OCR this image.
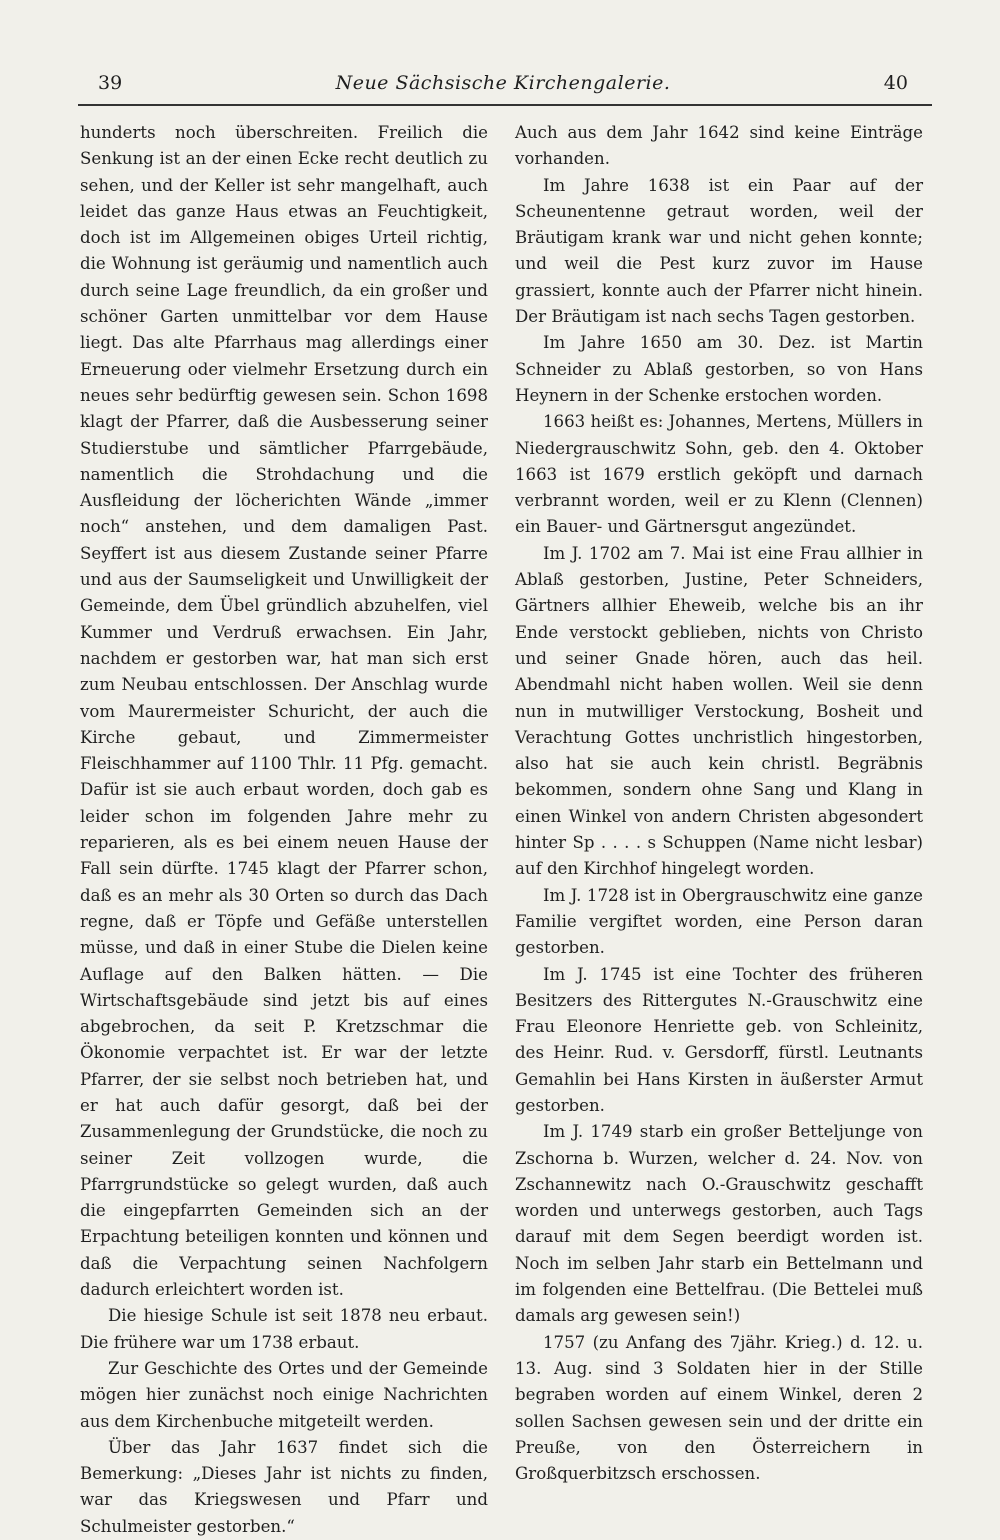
39	Neue Sächsische Kirchengalerie.	40

hunderts noch überschreiten. Freilich die Senkung ist an der einen Ecke recht deutlich zu sehen, und der Keller ist sehr mangelhaft, auch leidet das ganze Haus etwas an Feuchtigkeit, doch ist im Allgemeinen obiges Urteil richtig, die Wohnung ist geräumig und namentlich auch durch seine Lage freundlich, da ein großer und schöner Garten unmittelbar vor dem Hause liegt. Das alte Pfarrhaus mag allerdings einer Erneuerung oder vielmehr Ersetzung durch ein neues sehr bedürftig gewesen sein. Schon 1698 klagt der Pfarrer, daß die Ausbesserung seiner Studierstube und sämtlicher Pfarrgebäude, namentlich die Strohdachung und die Ausfleidung der löcherichten Wände „immer noch“ anstehen, und dem damaligen Past. Seyffert ist aus diesem Zustande seiner Pfarre und aus der Saumseligkeit und Unwilligkeit der Gemeinde, dem Übel gründlich abzuhelfen, viel Kummer und Verdruß erwachsen. Ein Jahr, nachdem er gestorben war, hat man sich erst zum Neubau entschlossen. Der Anschlag wurde vom Maurermeister Schuricht, der auch die Kirche gebaut, und Zimmermeister Fleischhammer auf 1100 Thlr. 11 Pfg. gemacht. Dafür ist sie auch erbaut worden, doch gab es leider schon im folgenden Jahre mehr zu reparieren, als es bei einem neuen Hause der Fall sein dürfte. 1745 klagt der Pfarrer schon, daß es an mehr als 30 Orten so durch das Dach regne, daß er Töpfe und Gefäße unterstellen müsse, und daß in einer Stube die Dielen keine Auflage auf den Balken hätten. — Die Wirtschaftsgebäude sind jetzt bis auf eines abgebrochen, da seit P. Kretzschmar die Ökonomie verpachtet ist. Er war der letzte Pfarrer, der sie selbst noch betrieben hat, und er hat auch dafür gesorgt, daß bei der Zusammenlegung der Grundstücke, die noch zu seiner Zeit vollzogen wurde, die Pfarrgrundstücke so gelegt wurden, daß auch die eingepfarrten Gemeinden sich an der Erpachtung beteiligen konnten und können und daß die Verpachtung seinen Nachfolgern dadurch erleichtert worden ist.

Die hiesige Schule ist seit 1878 neu erbaut. Die frühere war um 1738 erbaut.

Zur Geschichte des Ortes und der Gemeinde mögen hier zunächst noch einige Nachrichten aus dem Kirchenbuche mitgeteilt werden.

Über das Jahr 1637 findet sich die Bemerkung: „Dieses Jahr ist nichts zu finden, war das Kriegswesen und Pfarr und Schulmeister gestorben.“

Auch aus dem Jahr 1642 sind keine Einträge vorhanden.

Im Jahre 1638 ist ein Paar auf der Scheunentenne getraut worden, weil der Bräutigam krank war und nicht gehen konnte; und weil die Pest kurz zuvor im Hause grassiert, konnte auch der Pfarrer nicht hinein. Der Bräutigam ist nach sechs Tagen gestorben.

Im Jahre 1650 am 30. Dez. ist Martin Schneider zu Ablaß gestorben, so von Hans Heynern in der Schenke erstochen worden.

1663 heißt es: Johannes, Mertens, Müllers in Niedergrauschwitz Sohn, geb. den 4. Oktober 1663 ist 1679 erstlich geköpft und darnach verbrannt worden, weil er zu Klenn (Clennen) ein Bauer- und Gärtnersgut angezündet.

Im J. 1702 am 7. Mai ist eine Frau allhier in Ablaß gestorben, Justine, Peter Schneiders, Gärtners allhier Eheweib, welche bis an ihr Ende verstockt geblieben, nichts von Christo und seiner Gnade hören, auch das heil. Abendmahl nicht haben wollen. Weil sie denn nun in mutwilliger Verstockung, Bosheit und Verachtung Gottes unchristlich hingestorben, also hat sie auch kein christl. Begräbnis bekommen, sondern ohne Sang und Klang in einen Winkel von andern Christen abgesondert hinter Sp . . . . s Schuppen (Name nicht lesbar) auf den Kirchhof hingelegt worden.

Im J. 1728 ist in Obergrauschwitz eine ganze Familie vergiftet worden, eine Person daran gestorben.

Im J. 1745 ist eine Tochter des früheren Besitzers des Rittergutes N.-Grauschwitz eine Frau Eleonore Henriette geb. von Schleinitz, des Heinr. Rud. v. Gersdorff, fürstl. Leutnants Gemahlin bei Hans Kirsten in äußerster Armut gestorben.

Im J. 1749 starb ein großer Betteljunge von Zschorna b. Wurzen, welcher d. 24. Nov. von Zschannewitz nach O.-Grauschwitz geschafft worden und unterwegs gestorben, auch Tags darauf mit dem Segen beerdigt worden ist. Noch im selben Jahr starb ein Bettelmann und im folgenden eine Bettelfrau. (Die Bettelei muß damals arg gewesen sein!)

1757 (zu Anfang des 7jähr. Krieg.) d. 12. u. 13. Aug. sind 3 Soldaten hier in der Stille begraben worden auf einem Winkel, deren 2 sollen Sachsen gewesen sein und der dritte ein Preuße, von den Österreichern in Großquerbitzsch erschossen.
